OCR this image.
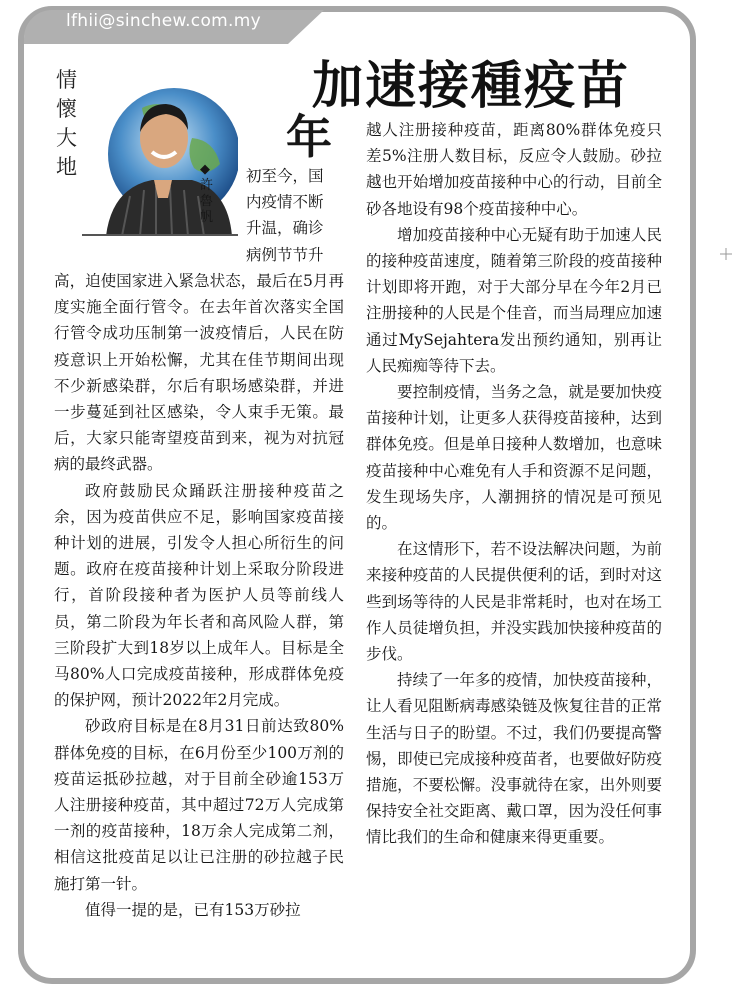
lfhii@sinchew.com.my
加速接種疫苗
情
懷
大
地	◆
許
魯
帆
年
初至今，国
内疫情不断
升温，确诊
病例节节升

高，迫使国家进入紧急状态，最后在5月再度实施全面行管令。在去年首次落实全国行管令成功压制第一波疫情后，人民在防疫意识上开始松懈，尤其在佳节期间出现不少新感染群，尔后有职场感染群，并进一步蔓延到社区感染，令人束手无策。最后，大家只能寄望疫苗到来，视为对抗冠病的最终武器。

政府鼓励民众踊跃注册接种疫苗之余，因为疫苗供应不足，影响国家疫苗接种计划的进展，引发令人担心所衍生的问题。政府在疫苗接种计划上采取分阶段进行，首阶段接种者为医护人员等前线人员，第二阶段为年长者和高风险人群，第三阶段扩大到18岁以上成年人。目标是全马80%人口完成疫苗接种，形成群体免疫的保护网，预计2022年2月完成。

砂政府目标是在8月31日前达致80%群体免疫的目标，在6月份至少100万剂的疫苗运抵砂拉越，对于目前全砂逾153万人注册接种疫苗，其中超过72万人完成第一剂的疫苗接种，18万余人完成第二剂，相信这批疫苗足以让已注册的砂拉越子民施打第一针。

值得一提的是，已有153万砂拉

越人注册接种疫苗，距离80%群体免疫只差5%注册人数目标，反应令人鼓励。砂拉越也开始增加疫苗接种中心的行动，目前全砂各地设有98个疫苗接种中心。

增加疫苗接种中心无疑有助于加速人民的接种疫苗速度，随着第三阶段的疫苗接种计划即将开跑，对于大部分早在今年2月已注册接种的人民是个佳音，而当局理应加速通过MySejahtera发出预约通知，别再让人民痴痴等待下去。

要控制疫情，当务之急，就是要加快疫苗接种计划，让更多人获得疫苗接种，达到群体免疫。但是单日接种人数增加，也意味疫苗接种中心难免有人手和资源不足问题，发生现场失序，人潮拥挤的情况是可预见的。

在这情形下，若不设法解决问题，为前来接种疫苗的人民提供便利的话，到时对这些到场等待的人民是非常耗时，也对在场工作人员徒增负担，并没实践加快接种疫苗的步伐。

持续了一年多的疫情，加快疫苗接种，让人看见阻断病毒感染链及恢复往昔的正常生活与日子的盼望。不过，我们仍要提高警惕，即使已完成接种疫苗者，也要做好防疫措施，不要松懈。没事就待在家，出外则要保持安全社交距离、戴口罩，因为没任何事情比我们的生命和健康来得更重要。
